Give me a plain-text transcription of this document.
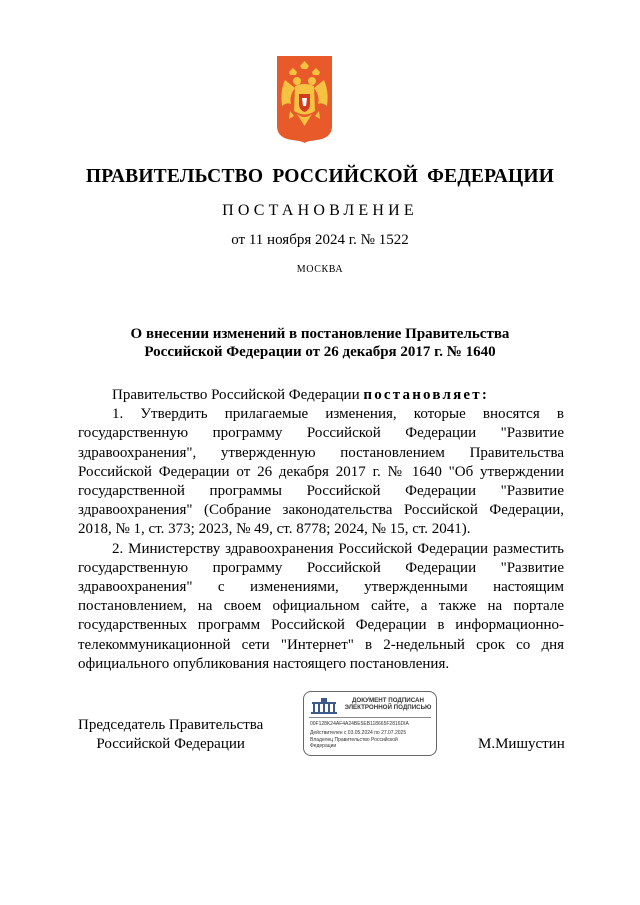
ПРАВИТЕЛЬСТВО РОССИЙСКОЙ ФЕДЕРАЦИИ
ПОСТАНОВЛЕНИЕ
от 11 ноября 2024 г. № 1522
МОСКВА
О внесении изменений в постановление Правительства
Российской Федерации от 26 декабря 2017 г. № 1640

Правительство Российской Федерации постановляет:

1. Утвердить прилагаемые изменения, которые вносятся в государственную программу Российской Федерации "Развитие здравоохранения", утвержденную постановлением Правительства Российской Федерации от 26 декабря 2017 г. № 1640 "Об утверждении государственной программы Российской Федерации "Развитие здравоохранения" (Собрание законодательства Российской Федерации, 2018, № 1, ст. 373; 2023, № 49, ст. 8778; 2024, № 15, ст. 2041).

2. Министерству здравоохранения Российской Федерации разместить государственную программу Российской Федерации "Развитие здравоохранения" с изменениями, утвержденными настоящим постановлением, на своем официальном сайте, а также на портале государственных программ Российской Федерации в информационно-телекоммуникационной сети "Интернет" в 2-недельный срок со дня официального опубликования настоящего постановления.

Председатель Правительства
Российской Федерации
ДОКУМЕНТ ПОДПИСАН
ЭЛЕКТРОННОЙ ПОДПИСЬЮ
00F128K24AF4A24BE5EB118665F2816DIA
Действителен с 03.05.2024 по 27.07.2025
Владелец Правительство Российской
Федерации	М.Мишустин
